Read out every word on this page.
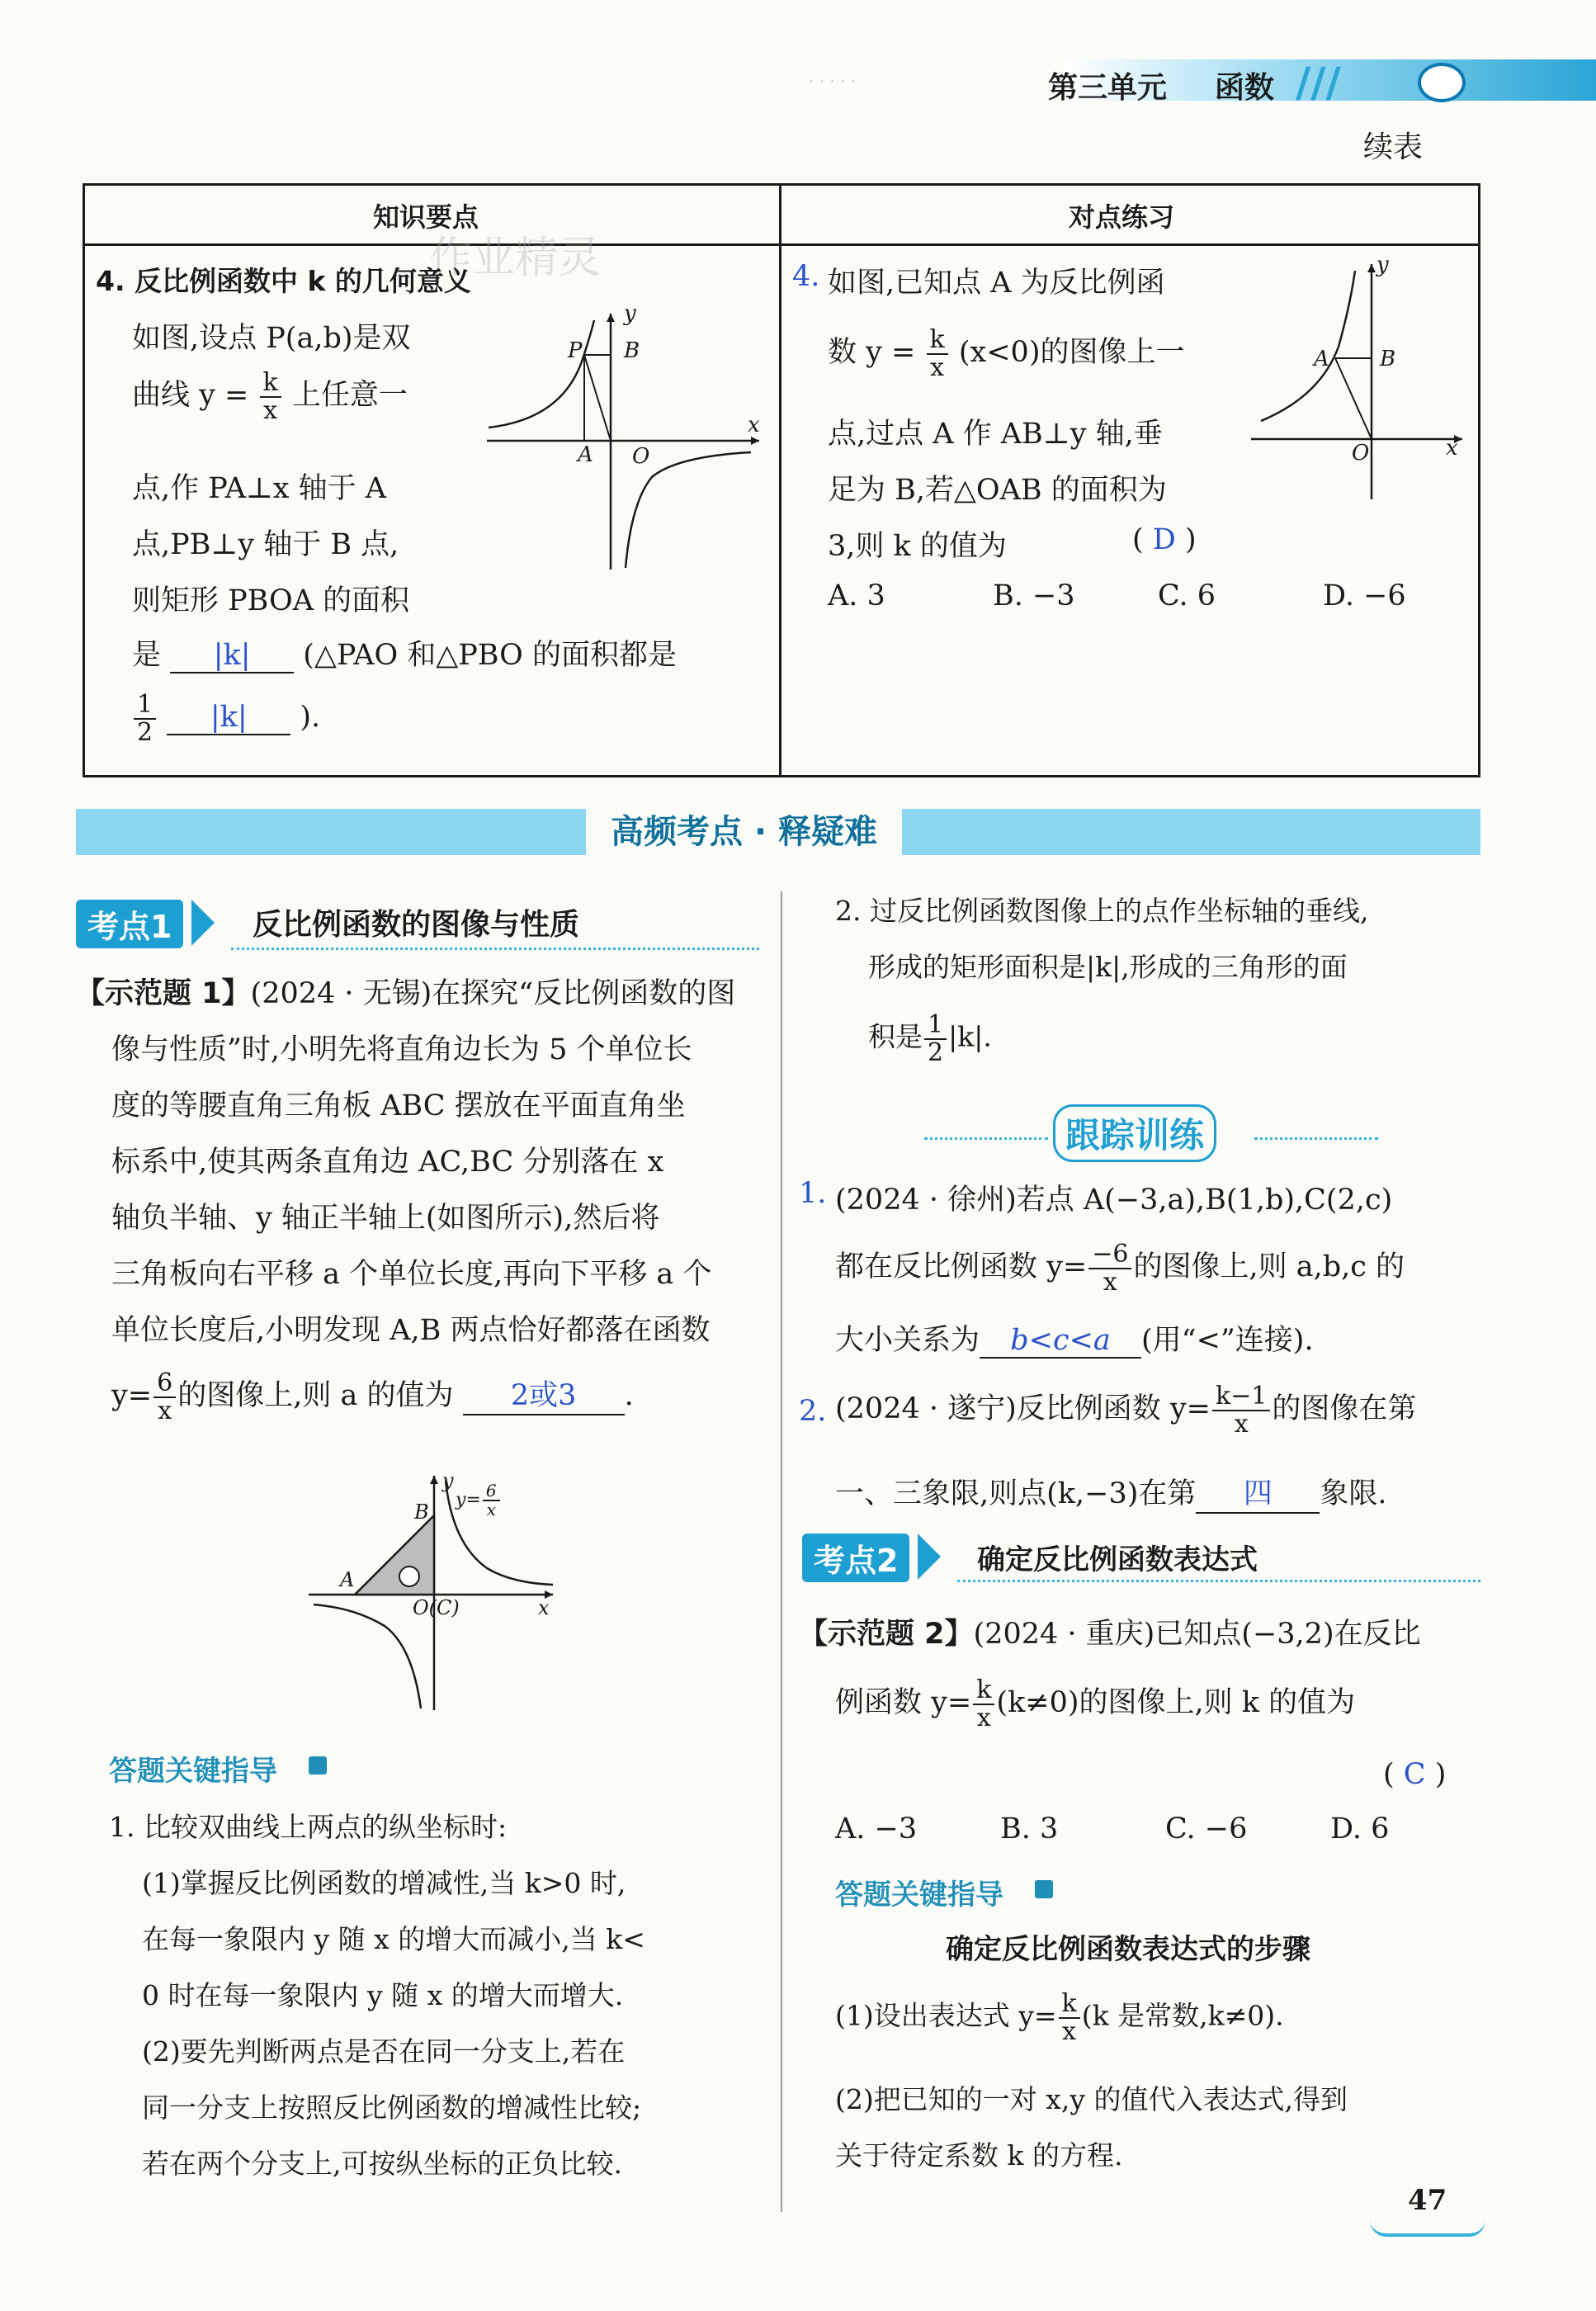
· · · · ·	第三单元 函数 ///
续表
知识要点	对点练习
作业精灵
4. 反比例函数中 k 的几何意义
如图,设点 P(a,b)是双
曲线 $y = \frac{k}{x}$ 上任意一
点,作 PA⊥x 轴于 A
点,PB⊥y 轴于 B 点,
则矩形 PBOA 的面积
是 |k| (△PAO 和△PBO 的面积都是
$\frac{1}{2} |k|$ ).
y
P B
A O
x
4. 如图,已知点 A 为反比例函
数 $y = \frac{k}{x} (x<0)$的图像上一
点,过点 A 作 AB⊥y 轴,垂
足为 B,若△OAB 的面积为
3,则 k 的值为	( D )
A. 3	B. −3	C. 6	D. −6
y
A B
O	x
高频考点 · 释疑难
考点1	反比例函数的图像与性质
【示范题 1】(2024 · 无锡)在探究“反比例函数的图
像与性质”时,小明先将直角边长为 5 个单位长
度的等腰直角三角板 ABC 摆放在平面直角坐
标系中,使其两条直角边 AC,BC 分别落在 x
轴负半轴、y 轴正半轴上(如图所示),然后将
三角板向右平移 a 个单位长度,再向下平移 a 个
单位长度后,小明发现 A,B 两点恰好都落在函数
$y= \frac{6}{x}$ 的图像上,则 a 的值为 2或3 .
y
$y= \frac{6}{x}$
B
A
O(C)	x
答题关键指导
1. 比较双曲线上两点的纵坐标时:
(1)掌握反比例函数的增减性,当 k>0 时,
在每一象限内 y 随 x 的增大而减小,当 k<
0 时在每一象限内 y 随 x 的增大而增大.
(2)要先判断两点是否在同一分支上,若在
同一分支上按照反比例函数的增减性比较;
若在两个分支上,可按纵坐标的正负比较.
2. 过反比例函数图像上的点作坐标轴的垂线,
形成的矩形面积是|k|,形成的三角形的面
积是 $\frac{1}{2} |k|$.
跟踪训练
1. (2024 · 徐州)若点 A(−3,a),B(1,b),C(2,c)
都在反比例函数 $y= \frac{-6}{x}$ 的图像上,则 a,b,c 的
大小关系为 b<c<a (用“<”连接).
2. (2024 · 遂宁)反比例函数 $y= \frac{k-1}{x}$ 的图像在第
一、三象限,则点(k,−3)在第 四 象限.
考点2	确定反比例函数表达式
【示范题 2】(2024 · 重庆)已知点(−3,2)在反比
例函数 $y= \frac{k}{x} (k\ne 0)$的图像上,则 k 的值为
( C )
A. −3	B. 3	C. −6	D. 6
答题关键指导
确定反比例函数表达式的步骤
(1)设出表达式 $y= \frac{k}{x} (k$ 是常数,k≠0).
(2)把已知的一对 x,y 的值代入表达式,得到
关于待定系数 k 的方程.
47
